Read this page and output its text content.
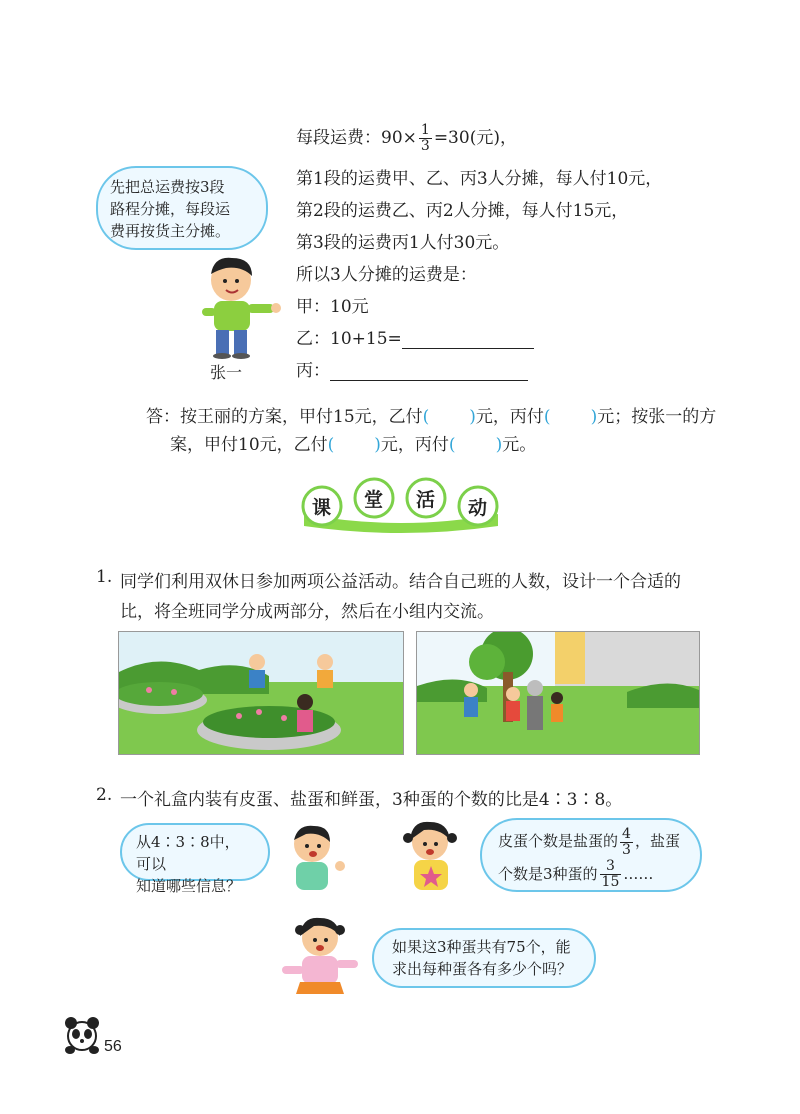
先把总运费按3段
路程分摊，每段运
费再按货主分摊。
张一
每段运费：$90\times \frac{1}{3} =30$(元)，
第1段的运费甲、乙、丙3人分摊，每人付10元，
第2段的运费乙、丙2人分摊，每人付15元，
第3段的运费丙1人付30元。
所以3人分摊的运费是：
甲：10元
乙：10+15=
丙：
答：按王丽的方案，甲付15元，乙付( )元，丙付( )元；按张一的方
案，甲付10元，乙付( )元，丙付( )元。
课 堂 活 动
1. 同学们利用双休日参加两项公益活动。结合自己班的人数，设计一个合适的
比，将全班同学分成两部分，然后在小组内交流。
2. 一个礼盒内装有皮蛋、盐蛋和鲜蛋，3种蛋的个数的比是4∶3∶8。
从4∶3∶8中，可以
知道哪些信息？
皮蛋个数是盐蛋的 $\frac{4}{3}$ ，盐蛋
个数是3种蛋的 $\frac{3}{15}$ ……
如果这3种蛋共有75个，能
求出每种蛋各有多少个吗？
56
